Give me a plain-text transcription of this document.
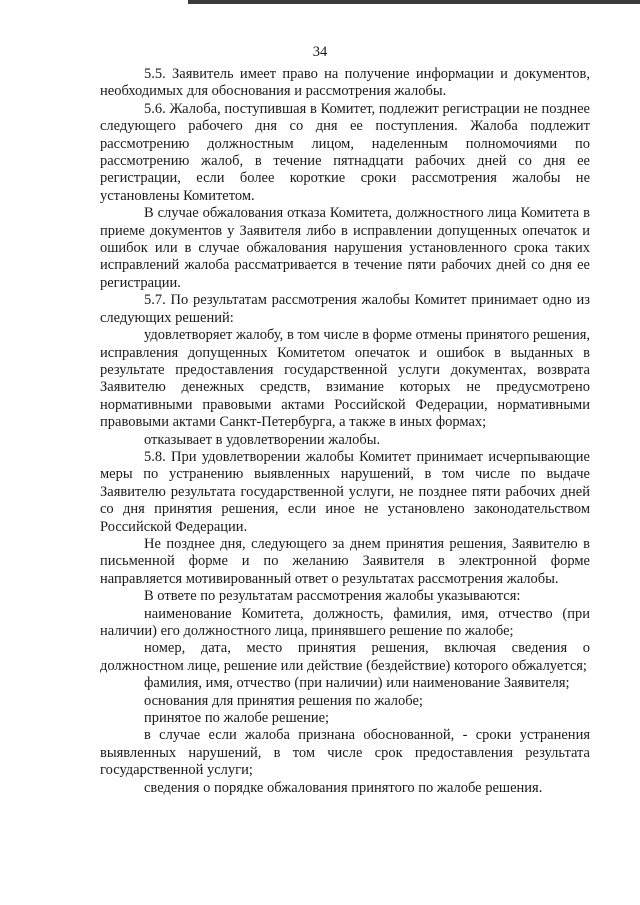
34

5.5. Заявитель имеет право на получение информации и документов, необходимых для обоснования и рассмотрения жалобы.

5.6. Жалоба, поступившая в Комитет, подлежит регистрации не позднее следующего рабочего дня со дня ее поступления. Жалоба подлежит рассмотрению должностным лицом, наделенным полномочиями по рассмотрению жалоб, в течение пятнадцати рабочих дней со дня ее регистрации, если более короткие сроки рассмотрения жалобы не установлены Комитетом.

В случае обжалования отказа Комитета, должностного лица Комитета в приеме документов у Заявителя либо в исправлении допущенных опечаток и ошибок или в случае обжалования нарушения установленного срока таких исправлений жалоба рассматривается в течение пяти рабочих дней со дня ее регистрации.

5.7. По результатам рассмотрения жалобы Комитет принимает одно из следующих решений:

удовлетворяет жалобу, в том числе в форме отмены принятого решения, исправления допущенных Комитетом опечаток и ошибок в выданных в результате предоставления государственной услуги документах, возврата Заявителю денежных средств, взимание которых не предусмотрено нормативными правовыми актами Российской Федерации, нормативными правовыми актами Санкт-Петербурга, а также в иных формах;

отказывает в удовлетворении жалобы.

5.8. При удовлетворении жалобы Комитет принимает исчерпывающие меры по устранению выявленных нарушений, в том числе по выдаче Заявителю результата государственной услуги, не позднее пяти рабочих дней со дня принятия решения, если иное не установлено законодательством Российской Федерации.

Не позднее дня, следующего за днем принятия решения, Заявителю в письменной форме и по желанию Заявителя в электронной форме направляется мотивированный ответ о результатах рассмотрения жалобы.

В ответе по результатам рассмотрения жалобы указываются:

наименование Комитета, должность, фамилия, имя, отчество (при наличии) его должностного лица, принявшего решение по жалобе;

номер, дата, место принятия решения, включая сведения о должностном лице, решение или действие (бездействие) которого обжалуется;

фамилия, имя, отчество (при наличии) или наименование Заявителя;

основания для принятия решения по жалобе;

принятое по жалобе решение;

в случае если жалоба признана обоснованной, - сроки устранения выявленных нарушений, в том числе срок предоставления результата государственной услуги;

сведения о порядке обжалования принятого по жалобе решения.
